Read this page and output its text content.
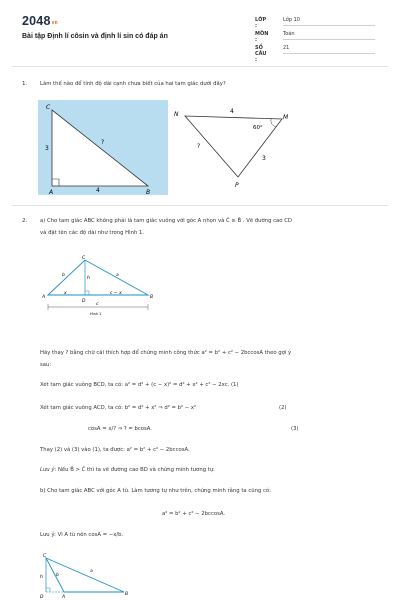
$2048^{vn}$
Bài tập Định lí côsin và định lí sin có đáp án
LỚP :
Lớp 10
MÔN :
Toán
SỐ CÂU :
21
1. Làm thế nào để tính độ dài cạnh chưa biết của hai tam giác dưới đây?
C
A	B
3
4
?
N	M
P
4
60°
?
3
2. a) Cho tam giác ABC không phải là tam giác vuông với góc A nhọn và Ĉ ≥ B̂ . Vẽ đường cao CD
và đặt tên các độ dài như trong Hình 1.
A	B
C
D
b	a
h
x	c − x
c
Hình 1
Hãy thay ? bằng chữ cái thích hợp để chứng minh công thức a² = b² + c² − 2bccosA theo gợi ý
sau:
Xét tam giác vuông BCD, ta có: a² = d² + (c − x)² = d² + x² + c² − 2xc. (1)
Xét tam giác vuông ACD, ta có: b² = d² + x² ⇒ d² = b² − x²	(2)
cosA = x/? ⇒ ? = bcosA.	(3)
Thay (2) và (3) vào (1), ta được: a² = b² + c² − 2bccosA.
Lưu ý: Nếu B̂ > Ĉ thì ta vẽ đường cao BD và chứng minh tương tự.
b) Cho tam giác ABC với góc A tù. Làm tương tự như trên, chứng minh rằng ta cũng có:
a² = b² + c² − 2bccosA.
Lưu ý: Vì A tù nên cosA = −x/b.
C
a
b
h
D	A
B
